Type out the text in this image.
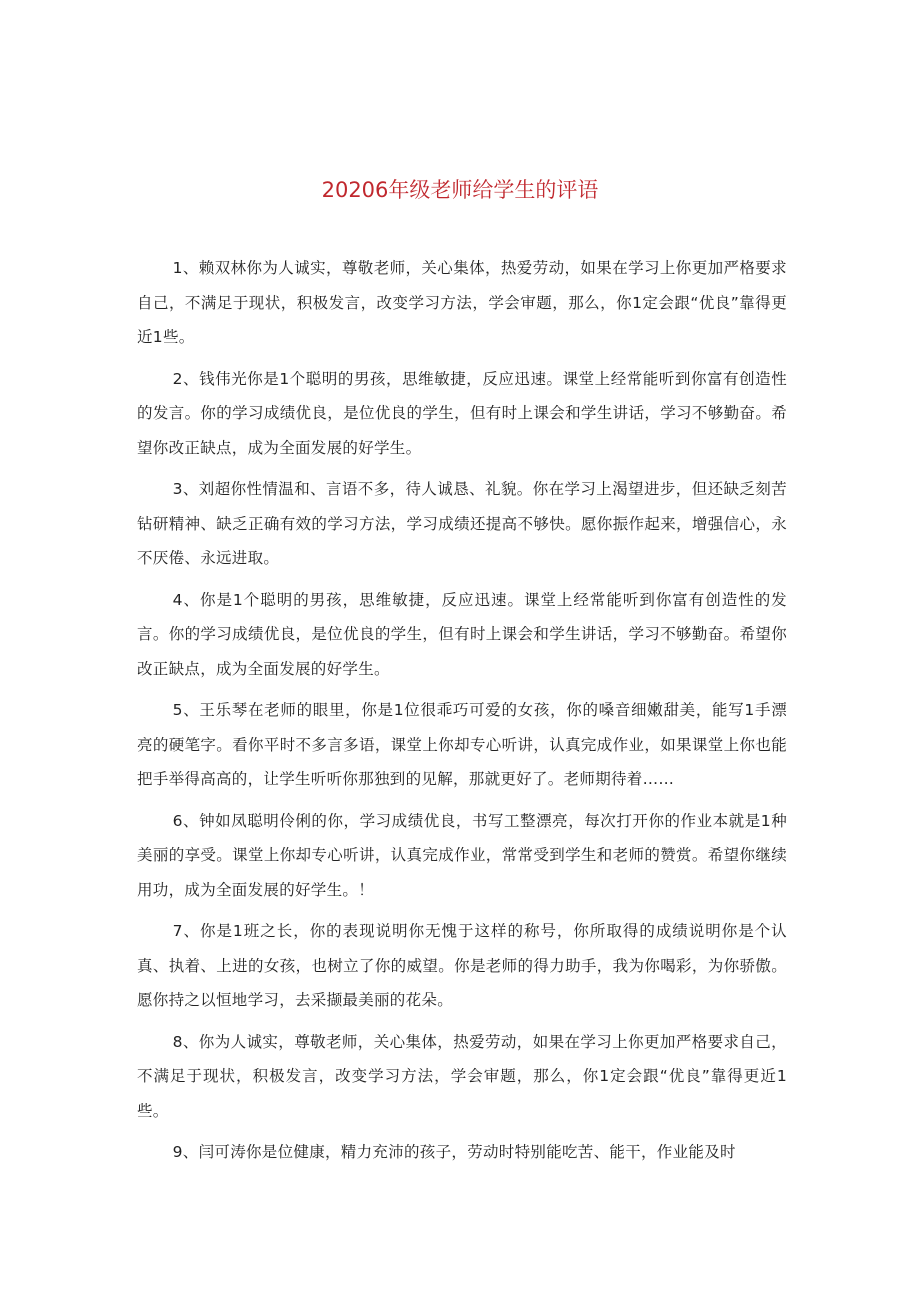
20206年级老师给学生的评语

1、赖双林你为人诚实，尊敬老师，关心集体，热爱劳动，如果在学习上你更加严格要求自己，不满足于现状，积极发言，改变学习方法，学会审题，那么，你1定会跟“优良”靠得更近1些。

2、钱伟光你是1个聪明的男孩，思维敏捷，反应迅速。课堂上经常能听到你富有创造性的发言。你的学习成绩优良，是位优良的学生，但有时上课会和学生讲话，学习不够勤奋。希望你改正缺点，成为全面发展的好学生。

3、刘超你性情温和、言语不多，待人诚恳、礼貌。你在学习上渴望进步，但还缺乏刻苦钻研精神、缺乏正确有效的学习方法，学习成绩还提高不够快。愿你振作起来，增强信心，永不厌倦、永远进取。

4、你是1个聪明的男孩，思维敏捷，反应迅速。课堂上经常能听到你富有创造性的发言。你的学习成绩优良，是位优良的学生，但有时上课会和学生讲话，学习不够勤奋。希望你改正缺点，成为全面发展的好学生。

5、王乐琴在老师的眼里，你是1位很乖巧可爱的女孩，你的嗓音细嫩甜美，能写1手漂亮的硬笔字。看你平时不多言多语，课堂上你却专心听讲，认真完成作业，如果课堂上你也能把手举得高高的，让学生听听你那独到的见解，那就更好了。老师期待着……

6、钟如凤聪明伶俐的你，学习成绩优良，书写工整漂亮，每次打开你的作业本就是1种美丽的享受。课堂上你却专心听讲，认真完成作业，常常受到学生和老师的赞赏。希望你继续用功，成为全面发展的好学生。！

7、你是1班之长，你的表现说明你无愧于这样的称号，你所取得的成绩说明你是个认真、执着、上进的女孩，也树立了你的威望。你是老师的得力助手，我为你喝彩，为你骄傲。愿你持之以恒地学习，去采撷最美丽的花朵。

8、你为人诚实，尊敬老师，关心集体，热爱劳动，如果在学习上你更加严格要求自己，不满足于现状，积极发言，改变学习方法，学会审题，那么，你1定会跟“优良”靠得更近1些。

9、闫可涛你是位健康，精力充沛的孩子，劳动时特别能吃苦、能干，作业能及时
